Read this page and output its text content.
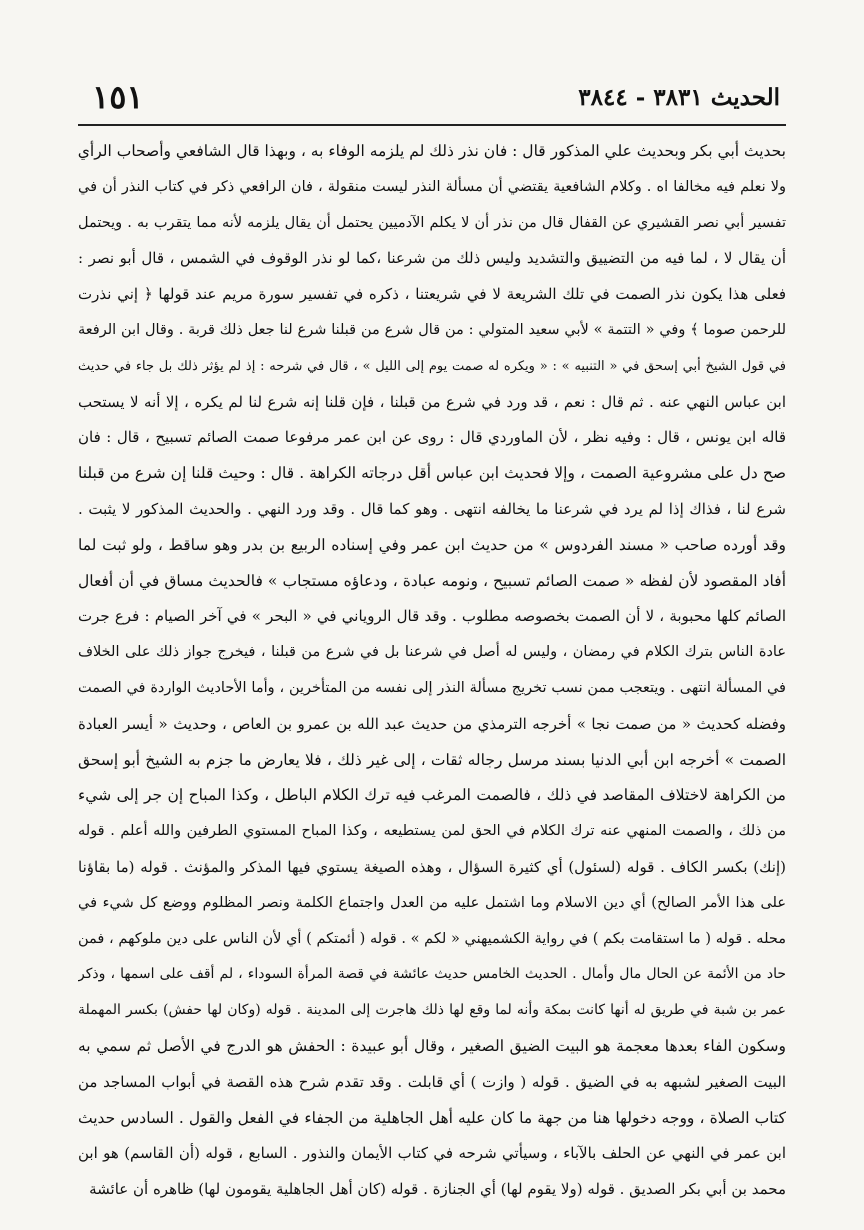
الحديث ٣٨٣١ - ٣٨٤٤
١٥١
بحديث أبي بكر وبحديث علي المذكور قال : فان نذر ذلك لم يلزمه الوفاء به ، وبهذا قال الشافعي وأصحاب الرأي
ولا نعلم فيه مخالفا اه . وكلام الشافعية يقتضي أن مسألة النذر ليست منقولة ، فان الرافعي ذكر في كتاب النذر أن في
تفسير أبي نصر القشيري عن القفال قال من نذر أن لا يكلم الآدميين يحتمل أن يقال يلزمه لأنه مما يتقرب به . ويحتمل
أن يقال لا ، لما فيه من التضييق والتشديد وليس ذلك من شرعنا ،كما لو نذر الوقوف في الشمس ، قال أبو نصر :
فعلى هذا يكون نذر الصمت في تلك الشريعة لا في شريعتنا ، ذكره في تفسير سورة مريم عند قولها ﴿ إني نذرت
للرحمن صوما ﴾ وفي « التتمة » لأبي سعيد المتولي : من قال شرع من قبلنا شرع لنا جعل ذلك قربة . وقال ابن الرفعة
في قول الشيخ أبي إسحق في « التنبيه » : « ويكره له صمت يوم إلى الليل » ، قال في شرحه : إذ لم يؤثر ذلك بل جاء في حديث
ابن عباس النهي عنه . ثم قال : نعم ، قد ورد في شرع من قبلنا ، فإن قلنا إنه شرع لنا لم يكره ، إلا أنه لا يستحب
قاله ابن يونس ، قال : وفيه نظر ، لأن الماوردي قال : روى عن ابن عمر مرفوعا صمت الصائم تسبيح ، قال : فان
صح دل على مشروعية الصمت ، وإلا فحديث ابن عباس أقل درجاته الكراهة . قال : وحيث قلنا إن شرع من قبلنا
شرع لنا ، فذاك إذا لم يرد في شرعنا ما يخالفه انتهى . وهو كما قال . وقد ورد النهي . والحديث المذكور لا يثبت .
وقد أورده صاحب « مسند الفردوس » من حديث ابن عمر وفي إسناده الربيع بن بدر وهو ساقط ، ولو ثبت لما
أفاد المقصود لأن لفظه « صمت الصائم تسبيح ، ونومه عبادة ، ودعاؤه مستجاب » فالحديث مساق في أن أفعال
الصائم كلها محبوبة ، لا أن الصمت بخصوصه مطلوب . وقد قال الروياني في « البحر » في آخر الصيام : فرع جرت
عادة الناس بترك الكلام في رمضان ، وليس له أصل في شرعنا بل في شرع من قبلنا ، فيخرج جواز ذلك على الخلاف
في المسألة انتهى . ويتعجب ممن نسب تخريج مسألة النذر إلى نفسه من المتأخرين ، وأما الأحاديث الواردة في الصمت
وفضله كحديث « من صمت نجا » أخرجه الترمذي من حديث عبد الله بن عمرو بن العاص ، وحديث « أيسر العبادة
الصمت » أخرجه ابن أبي الدنيا بسند مرسل رجاله ثقات ، إلى غير ذلك ، فلا يعارض ما جزم به الشيخ أبو إسحق
من الكراهة لاختلاف المقاصد في ذلك ، فالصمت المرغب فيه ترك الكلام الباطل ، وكذا المباح إن جر إلى شيء
من ذلك ، والصمت المنهي عنه ترك الكلام في الحق لمن يستطيعه ، وكذا المباح المستوي الطرفين والله أعلم . قوله
(إنك) بكسر الكاف . قوله (لسئول) أي كثيرة السؤال ، وهذه الصيغة يستوي فيها المذكر والمؤنث . قوله (ما بقاؤنا
على هذا الأمر الصالح) أي دين الاسلام وما اشتمل عليه من العدل واجتماع الكلمة ونصر المظلوم ووضع كل شيء في
محله . قوله ( ما استقامت بكم ) في رواية الكشميهني « لكم » . قوله ( أئمتكم ) أي لأن الناس على دين ملوكهم ، فمن
حاد من الأئمة عن الحال مال وأمال . الحديث الخامس حديث عائشة في قصة المرأة السوداء ، لم أقف على اسمها ، وذكر
عمر بن شبة في طريق له أنها كانت بمكة وأنه لما وقع لها ذلك هاجرت إلى المدينة . قوله (وكان لها حفش) بكسر المهملة
وسكون الفاء بعدها معجمة هو البيت الضيق الصغير ، وقال أبو عبيدة : الحفش هو الدرج في الأصل ثم سمي به
البيت الصغير لشبهه به في الضيق . قوله ( وازت ) أي قابلت . وقد تقدم شرح هذه القصة في أبواب المساجد من
كتاب الصلاة ، ووجه دخولها هنا من جهة ما كان عليه أهل الجاهلية من الجفاء في الفعل والقول . السادس حديث
ابن عمر في النهي عن الحلف بالآباء ، وسيأتي شرحه في كتاب الأيمان والنذور . السابع ، قوله (أن القاسم) هو ابن
محمد بن أبي بكر الصديق . قوله (ولا يقوم لها) أي الجنازة . قوله (كان أهل الجاهلية يقومون لها) ظاهره أن عائشة
